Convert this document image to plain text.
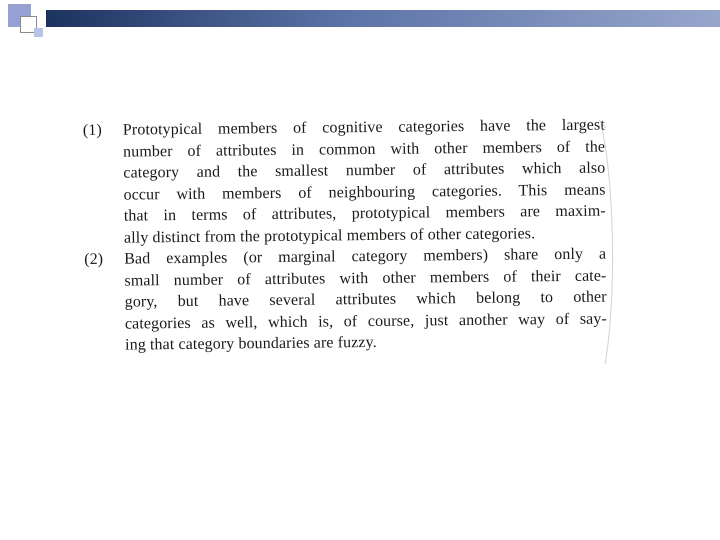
(1)	Prototypical members of cognitive categories have the largest
number of attributes in common with other members of the
category and the smallest number of attributes which also
occur with members of neighbouring categories. This means
that in terms of attributes, prototypical members are maxim-
ally distinct from the prototypical members of other categories.
(2)	Bad examples (or marginal category members) share only a
small number of attributes with other members of their cate-
gory, but have several attributes which belong to other
categories as well, which is, of course, just another way of say-
ing that category boundaries are fuzzy.
